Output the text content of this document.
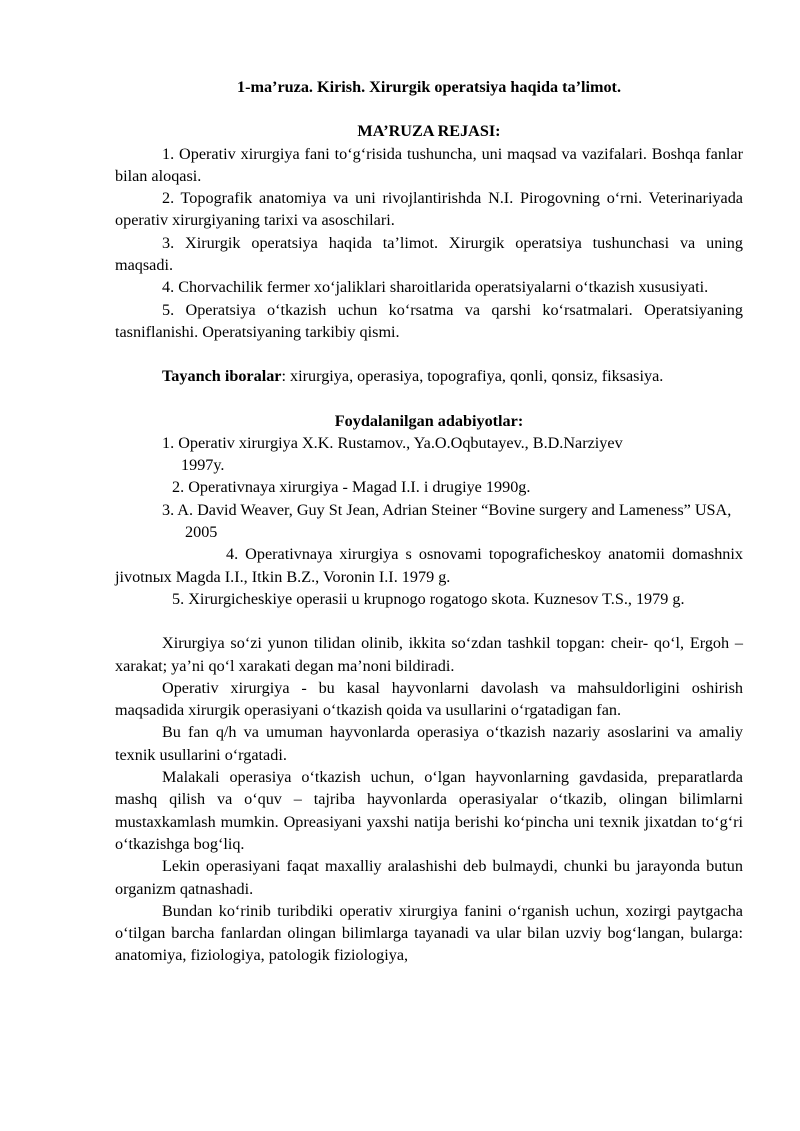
1-ma’ruza. Kirish. Xirurgik operatsiya haqida ta’limot.
MA’RUZA REJASI:

1. Operativ xirurgiya fani to‘g‘risida tushuncha, uni maqsad va vazifalari. Boshqa fanlar bilan aloqasi.

2. Topografik anatomiya va uni rivojlantirishda N.I. Pirogovning o‘rni. Veterinariyada operativ xirurgiyaning tarixi va asoschilari.

3. Xirurgik operatsiya haqida ta’limot. Xirurgik operatsiya tushunchasi va uning maqsadi.

4. Chorvachilik fermer xo‘jaliklari sharoitlarida operatsiyalarni o‘tkazish xususiyati.

5. Operatsiya o‘tkazish uchun ko‘rsatma va qarshi ko‘rsatmalari. Operatsiyaning tasniflanishi. Operatsiyaning tarkibiy qismi.

Tayanch iboralar: xirurgiya, operasiya, topografiya, qonli, qonsiz, fiksasiya.

Foydalanilgan adabiyotlar:
1. Operativ xirurgiya X.K. Rustamov., Ya.O.Oqbutayev., B.D.Narziyev
1997y.
2. Operativnaya xirurgiya - Magad I.I. i drugiye 1990g.
3. A. David Weaver, Guy St Jean, Adrian Steiner “Bovine surgery and Lameness” USA,
2005
4. Operativnaya xirurgiya s osnovami topograficheskoy anatomii domashnix jivotnых Magda I.I., Itkin B.Z., Voronin I.I. 1979 g.
5. Xirurgicheskiye operasii u krupnogo rogatogo skota. Kuznesov T.S., 1979 g.

Xirurgiya so‘zi yunon tilidan olinib, ikkita so‘zdan tashkil topgan: cheir- qo‘l, Ergoh – xarakat; ya’ni qo‘l xarakati degan ma’noni bildiradi.

Operativ xirurgiya - bu kasal hayvonlarni davolash va mahsuldorligini oshirish maqsadida xirurgik operasiyani o‘tkazish qoida va usullarini o‘rgatadigan fan.

Bu fan q/h va umuman hayvonlarda operasiya o‘tkazish nazariy asoslarini va amaliy texnik usullarini o‘rgatadi.

Malakali operasiya o‘tkazish uchun, o‘lgan hayvonlarning gavdasida, preparatlarda mashq qilish va o‘quv – tajriba hayvonlarda operasiyalar o‘tkazib, olingan bilimlarni mustaxkamlash mumkin. Opreasiyani yaxshi natija berishi ko‘pincha uni texnik jixatdan to‘g‘ri o‘tkazishga bog‘liq.

Lekin operasiyani faqat maxalliy aralashishi deb bulmaydi, chunki bu jarayonda butun organizm qatnashadi.

Bundan ko‘rinib turibdiki operativ xirurgiya fanini o‘rganish uchun, xozirgi paytgacha o‘tilgan barcha fanlardan olingan bilimlarga tayanadi va ular bilan uzviy bog‘langan, bularga: anatomiya, fiziologiya, patologik fiziologiya,
